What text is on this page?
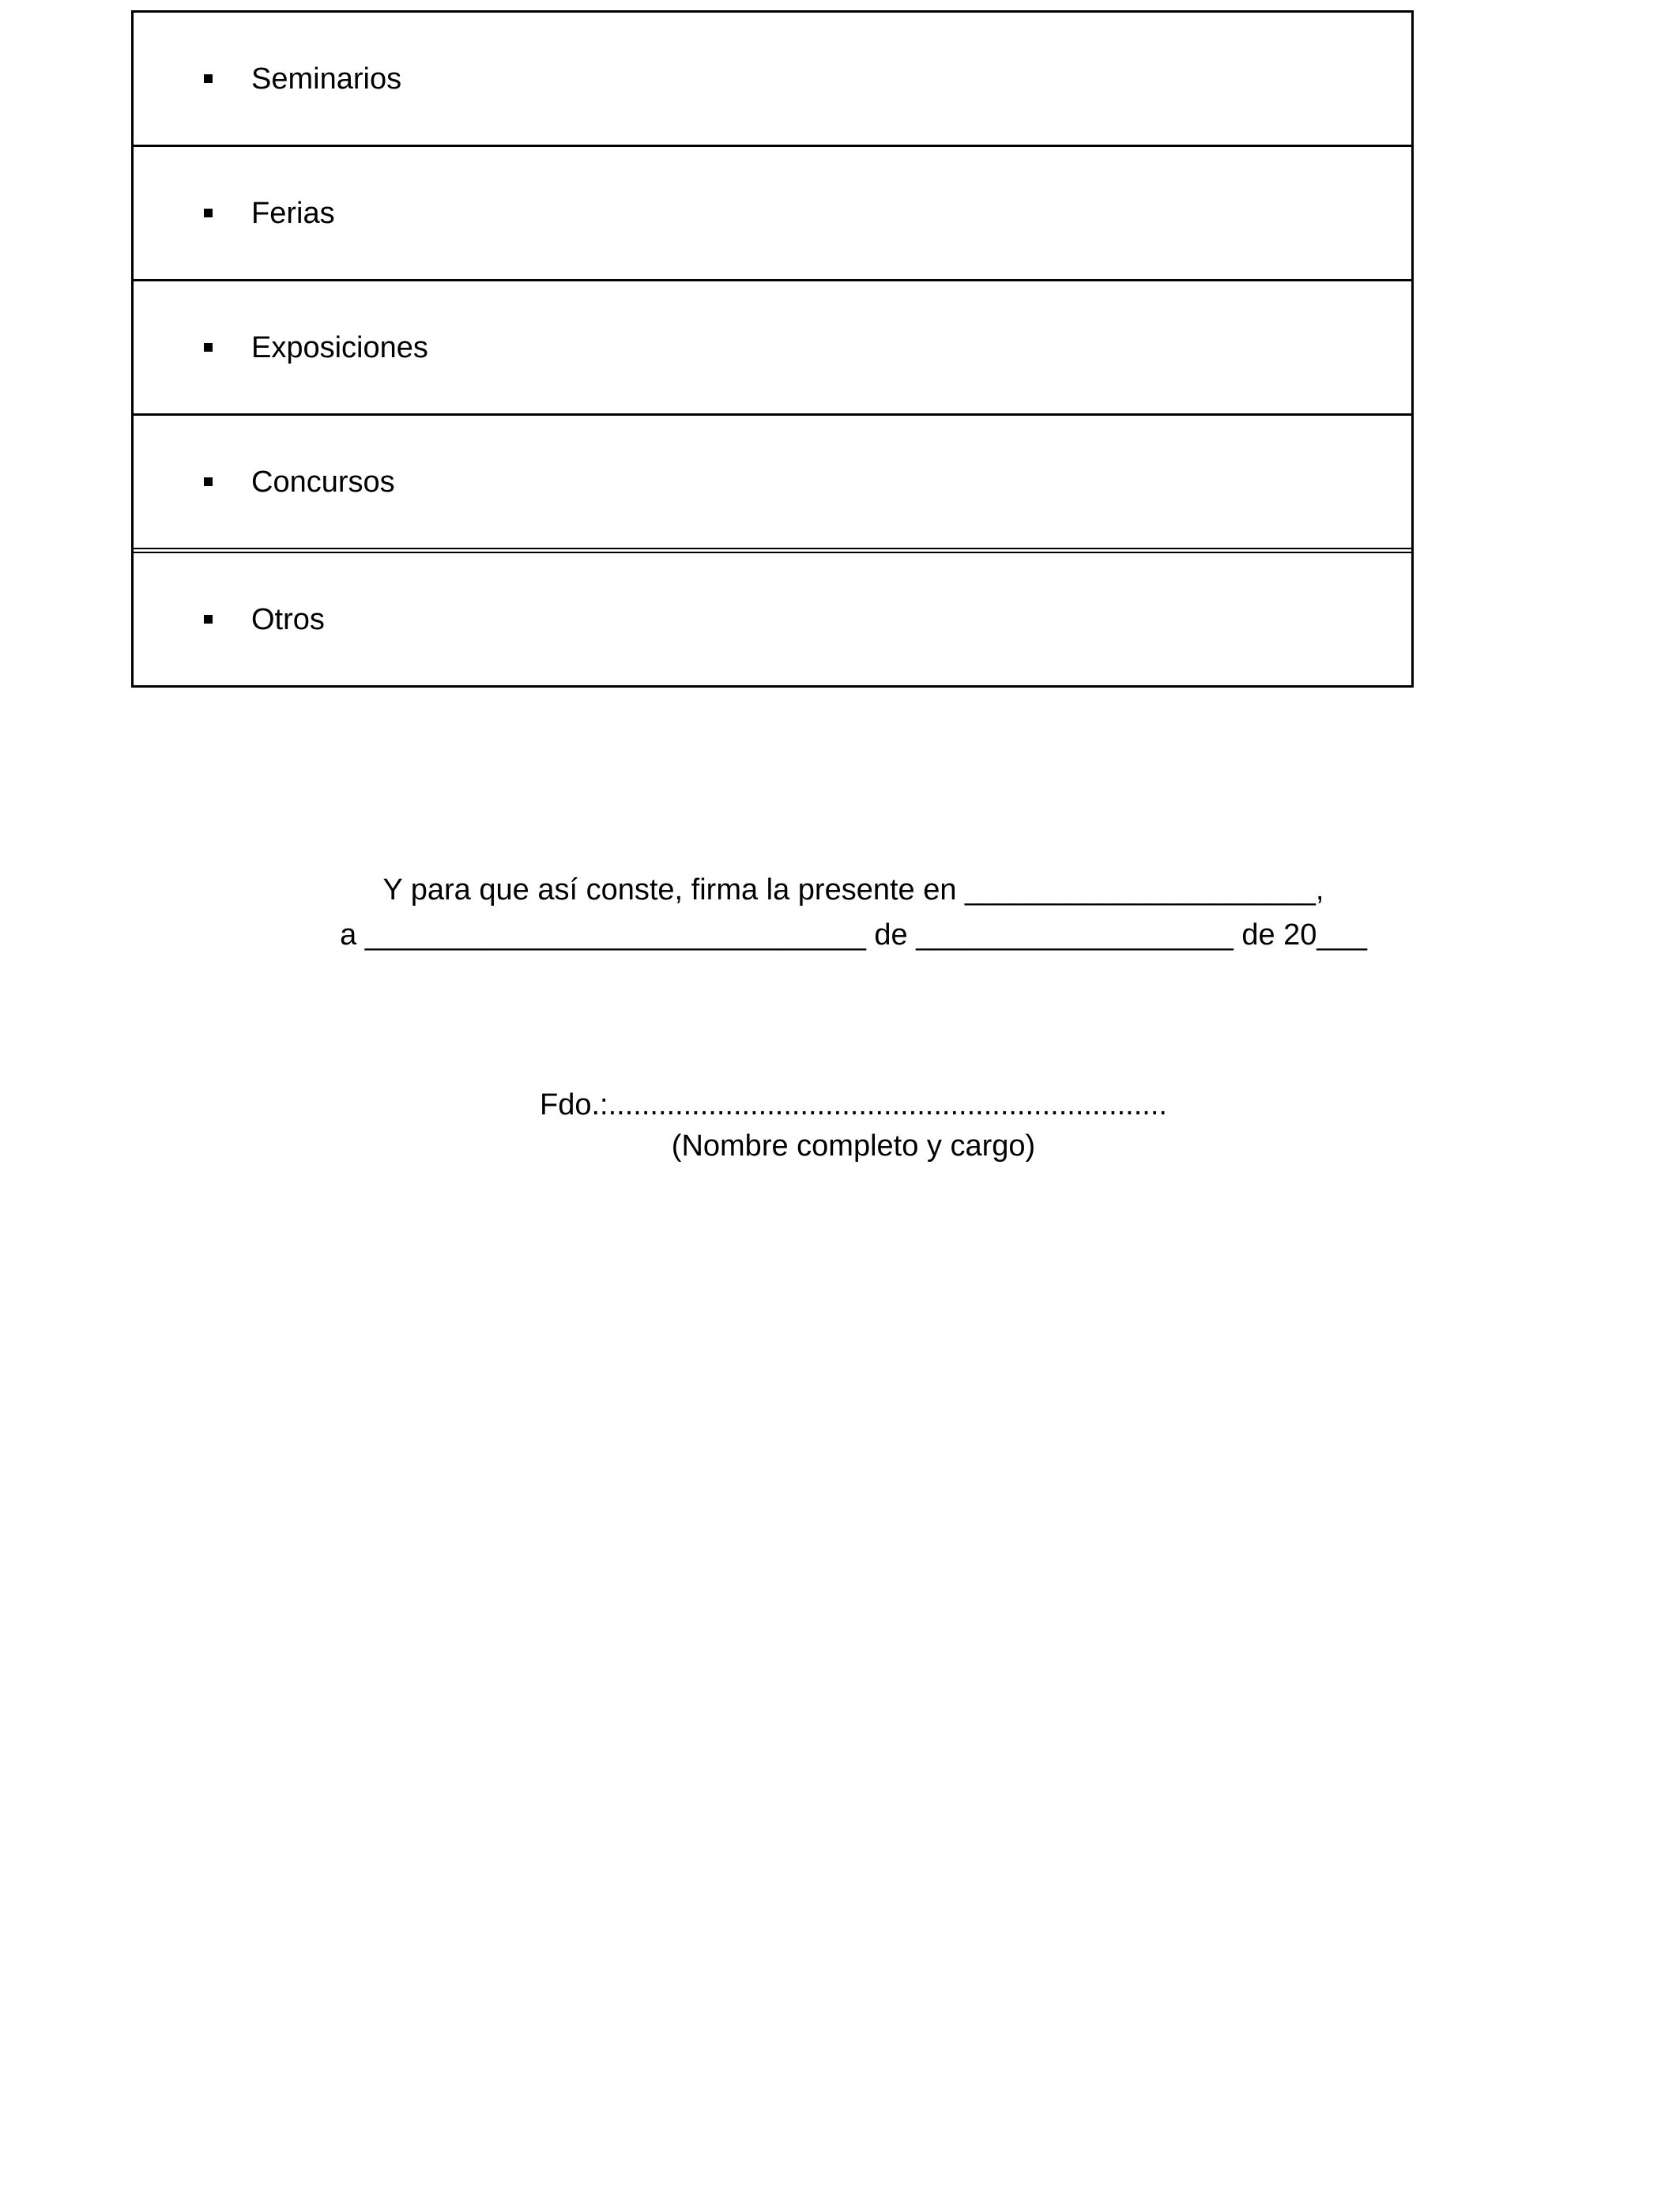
Seminarios
Ferias
Exposiciones
Concursos
Otros
Y para que así conste, firma la presente en _____________________,
a ______________________________ de ___________________ de 20___
Fdo.:...................................................................
(Nombre completo y cargo)
